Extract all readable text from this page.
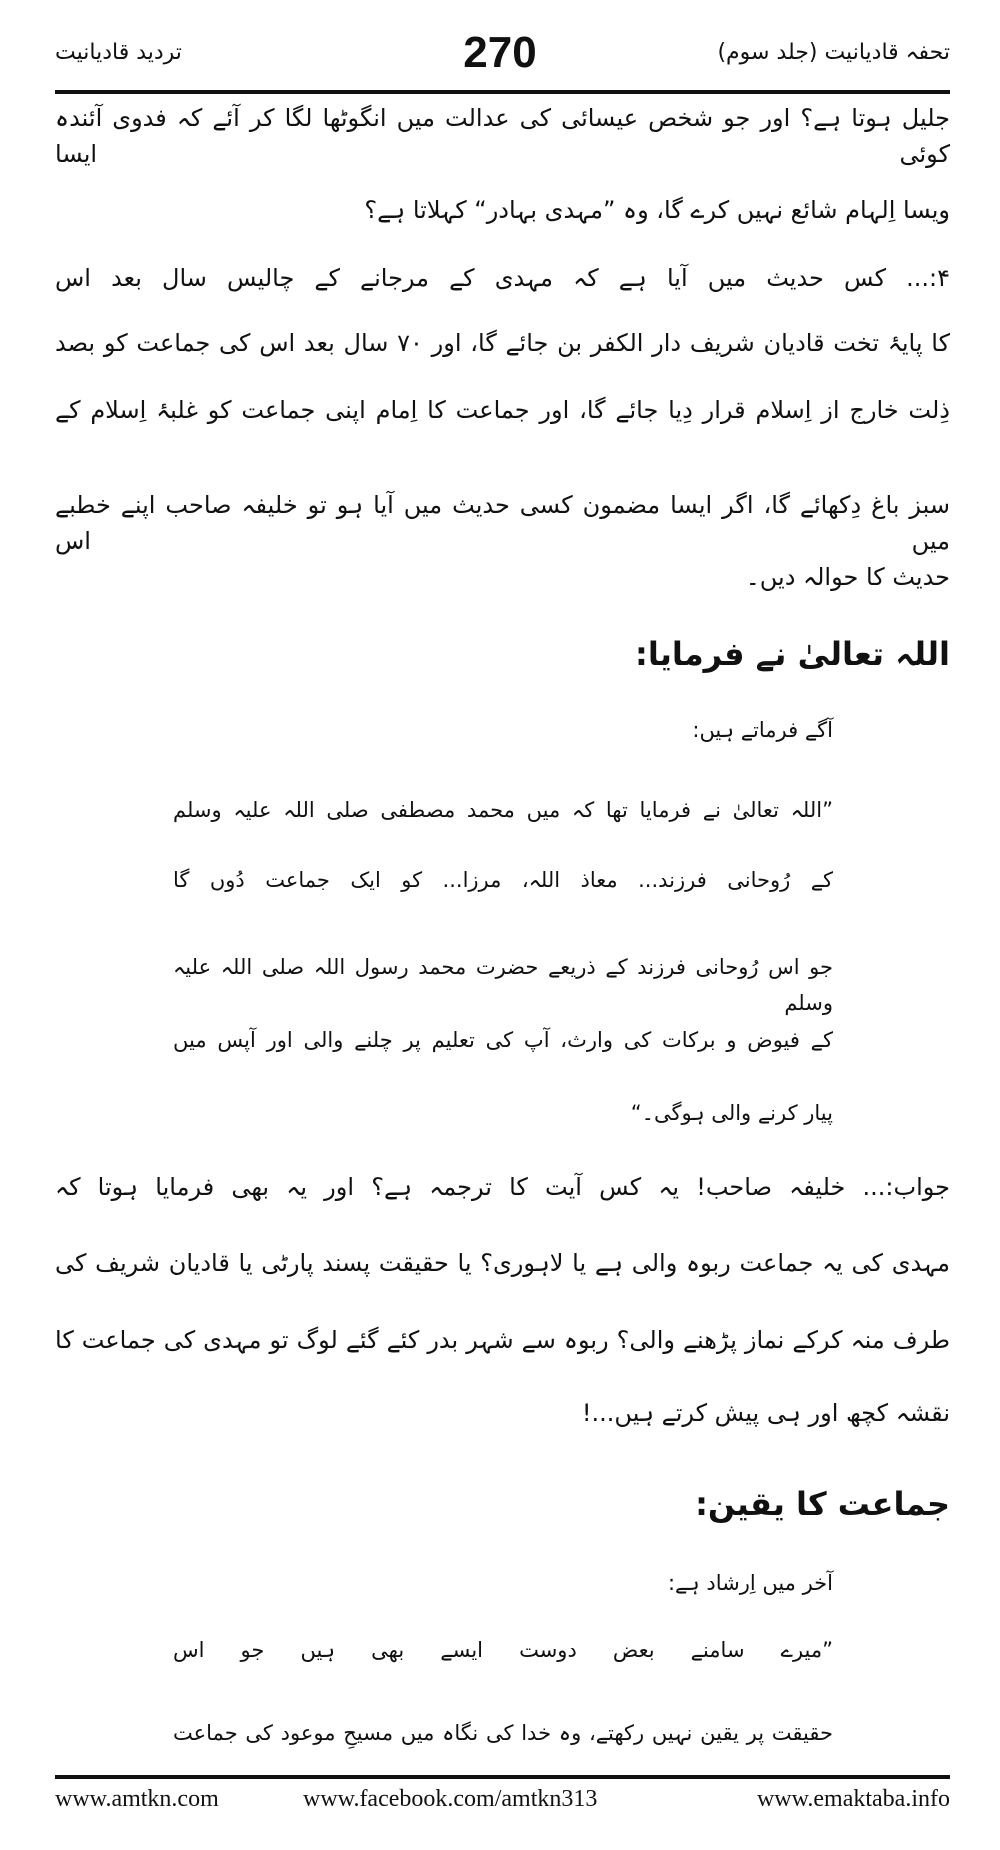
تحفہ قادیانیت (جلد سوم)
270
تردید قادیانیت
جلیل ہوتا ہے؟ اور جو شخص عیسائی کی عدالت میں انگوٹھا لگا کر آئے کہ فدوی آئندہ کوئی ایسا
ویسا اِلہام شائع نہیں کرے گا، وہ ”مہدی بہادر“ کہلاتا ہے؟
۴:... کس حدیث میں آیا ہے کہ مہدی کے مرجانے کے چالیس سال بعد اس
کا پایۂ تخت قادیان شریف دار الکفر بن جائے گا، اور ۷۰ سال بعد اس کی جماعت کو بصد
ذِلت خارج از اِسلام قرار دِیا جائے گا، اور جماعت کا اِمام اپنی جماعت کو غلبۂ اِسلام کے
سبز باغ دِکھائے گا، اگر ایسا مضمون کسی حدیث میں آیا ہو تو خلیفہ صاحب اپنے خطبے میں اس
حدیث کا حوالہ دیں۔
اللہ تعالیٰ نے فرمایا:
آگے فرماتے ہیں:
”اللہ تعالیٰ نے فرمایا تھا کہ میں محمد مصطفی صلی اللہ علیہ وسلم
کے رُوحانی فرزند... معاذ اللہ، مرزا... کو ایک جماعت دُوں گا
جو اس رُوحانی فرزند کے ذریعے حضرت محمد رسول اللہ صلی اللہ علیہ وسلم
کے فیوض و برکات کی وارث، آپ کی تعلیم پر چلنے والی اور آپس میں
پیار کرنے والی ہوگی۔“
جواب:... خلیفہ صاحب! یہ کس آیت کا ترجمہ ہے؟ اور یہ بھی فرمایا ہوتا کہ
مہدی کی یہ جماعت ربوہ والی ہے یا لاہوری؟ یا حقیقت پسند پارٹی یا قادیان شریف کی
طرف منہ کرکے نماز پڑھنے والی؟ ربوہ سے شہر بدر کئے گئے لوگ تو مہدی کی جماعت کا
نقشہ کچھ اور ہی پیش کرتے ہیں...!
جماعت کا یقین:
آخر میں اِرشاد ہے:
”میرے سامنے بعض دوست ایسے بھی ہیں جو اس
حقیقت پر یقین نہیں رکھتے، وہ خدا کی نگاہ میں مسیحِ موعود کی جماعت
www.amtkn.com	www.facebook.com/amtkn313	www.emaktaba.info
